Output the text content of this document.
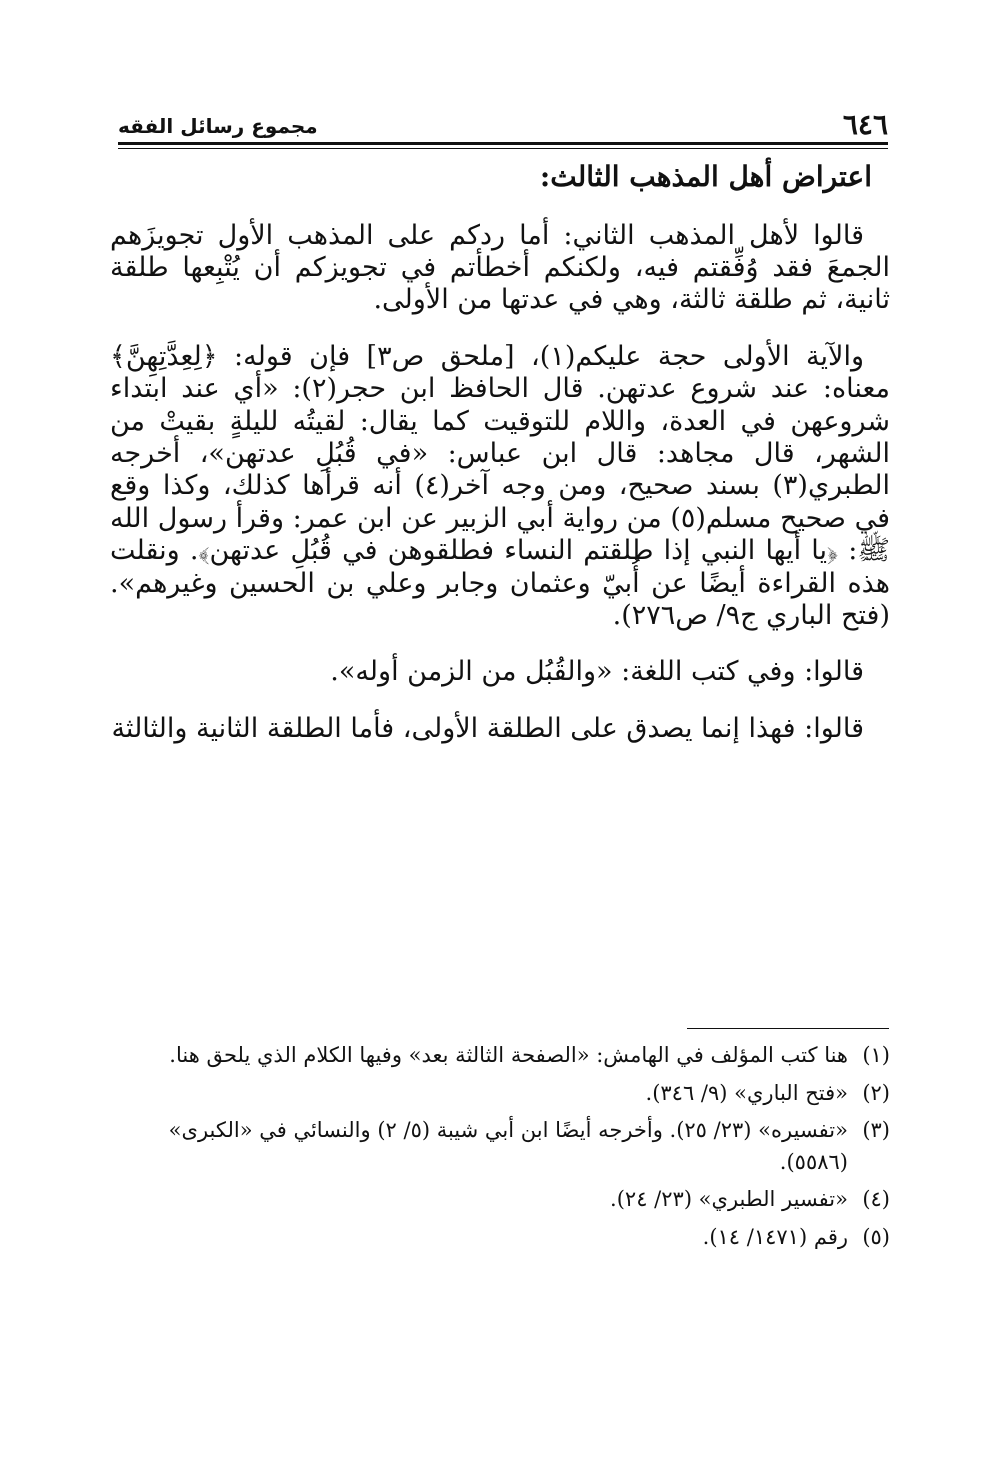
٦٤٦
مجموع رسائل الفقه
اعتراض أهل المذهب الثالث:

قالوا لأهل المذهب الثاني: أما ردكم على المذهب الأول تجويزَهم الجمعَ فقد وُفِّقتم فيه، ولكنكم أخطأتم في تجويزكم أن يُتْبِعها طلقة ثانية، ثم طلقة ثالثة، وهي في عدتها من الأولى.

والآية الأولى حجة عليكم(١)، [ملحق ص٣] فإن قوله: ﴿لِعِدَّتِهِنَّ﴾ معناه: عند شروع عدتهن. قال الحافظ ابن حجر(٢): «أي عند ابتداء شروعهن في العدة، واللام للتوقيت كما يقال: لقيتُه لليلةٍ بقيتْ من الشهر، قال مجاهد: قال ابن عباس: «في قُبُلِ عدتهن»، أخرجه الطبري(٣) بسند صحيح، ومن وجه آخر(٤) أنه قرأها كذلك، وكذا وقع في صحيح مسلم(٥) من رواية أبي الزبير عن ابن عمر: وقرأ رسول الله ﷺ: ﴿يا أيها النبي إذا طلقتم النساء فطلقوهن في قُبُلِ عدتهن﴾. ونقلت هذه القراءة أيضًا عن أُبيّ وعثمان وجابر وعلي بن الحسين وغيرهم». (فتح الباري ج٩/ ص٢٧٦).

قالوا: وفي كتب اللغة: «والقُبُل من الزمن أوله».

قالوا: فهذا إنما يصدق على الطلقة الأولى، فأما الطلقة الثانية والثالثة

(١)
هنا كتب المؤلف في الهامش: «الصفحة الثالثة بعد» وفيها الكلام الذي يلحق هنا.
(٢)
«فتح الباري» (٩/ ٣٤٦).
(٣)
«تفسيره» (٢٣/ ٢٥). وأخرجه أيضًا ابن أبي شيبة (٥/ ٢) والنسائي في «الكبرى» (٥٥٨٦).
(٤)
«تفسير الطبري» (٢٣/ ٢٤).
(٥)
رقم (١٤٧١/ ١٤).
